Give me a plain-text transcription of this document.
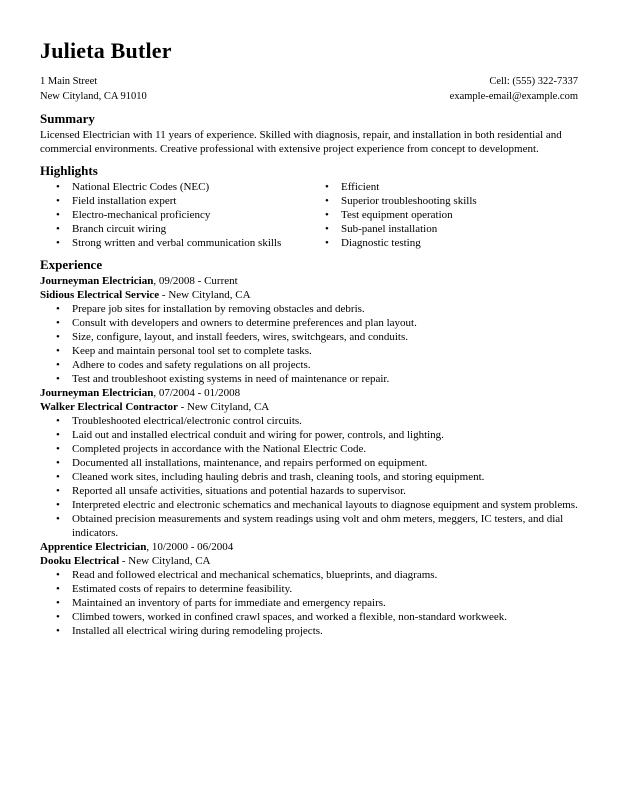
Julieta Butler
1 Main Street
New Cityland, CA 91010
Cell: (555) 322-7337
example-email@example.com
Summary

Licensed Electrician with 11 years of experience. Skilled with diagnosis, repair, and installation in both residential and commercial environments. Creative professional with extensive project experience from concept to development.

Highlights
• National Electric Codes (NEC)
• Field installation expert
• Electro-mechanical proficiency
• Branch circuit wiring
• Strong written and verbal communication skills
• Efficient
• Superior troubleshooting skills
• Test equipment operation
• Sub-panel installation
• Diagnostic testing
Experience
Journeyman Electrician, 09/2008 - Current
Sidious Electrical Service - New Cityland, CA
• Prepare job sites for installation by removing obstacles and debris.
• Consult with developers and owners to determine preferences and plan layout.
• Size, configure, layout, and install feeders, wires, switchgears, and conduits.
• Keep and maintain personal tool set to complete tasks.
• Adhere to codes and safety regulations on all projects.
• Test and troubleshoot existing systems in need of maintenance or repair.
Journeyman Electrician, 07/2004 - 01/2008
Walker Electrical Contractor - New Cityland, CA
• Troubleshooted electrical/electronic control circuits.
• Laid out and installed electrical conduit and wiring for power, controls, and lighting.
• Completed projects in accordance with the National Electric Code.
• Documented all installations, maintenance, and repairs performed on equipment.
• Cleaned work sites, including hauling debris and trash, cleaning tools, and storing equipment.
• Reported all unsafe activities, situations and potential hazards to supervisor.
• Interpreted electric and electronic schematics and mechanical layouts to diagnose equipment and system problems.
• Obtained precision measurements and system readings using volt and ohm meters, meggers, IC testers, and dial indicators.
Apprentice Electrician, 10/2000 - 06/2004
Dooku Electrical - New Cityland, CA
• Read and followed electrical and mechanical schematics, blueprints, and diagrams.
• Estimated costs of repairs to determine feasibility.
• Maintained an inventory of parts for immediate and emergency repairs.
• Climbed towers, worked in confined crawl spaces, and worked a flexible, non-standard workweek.
• Installed all electrical wiring during remodeling projects.
